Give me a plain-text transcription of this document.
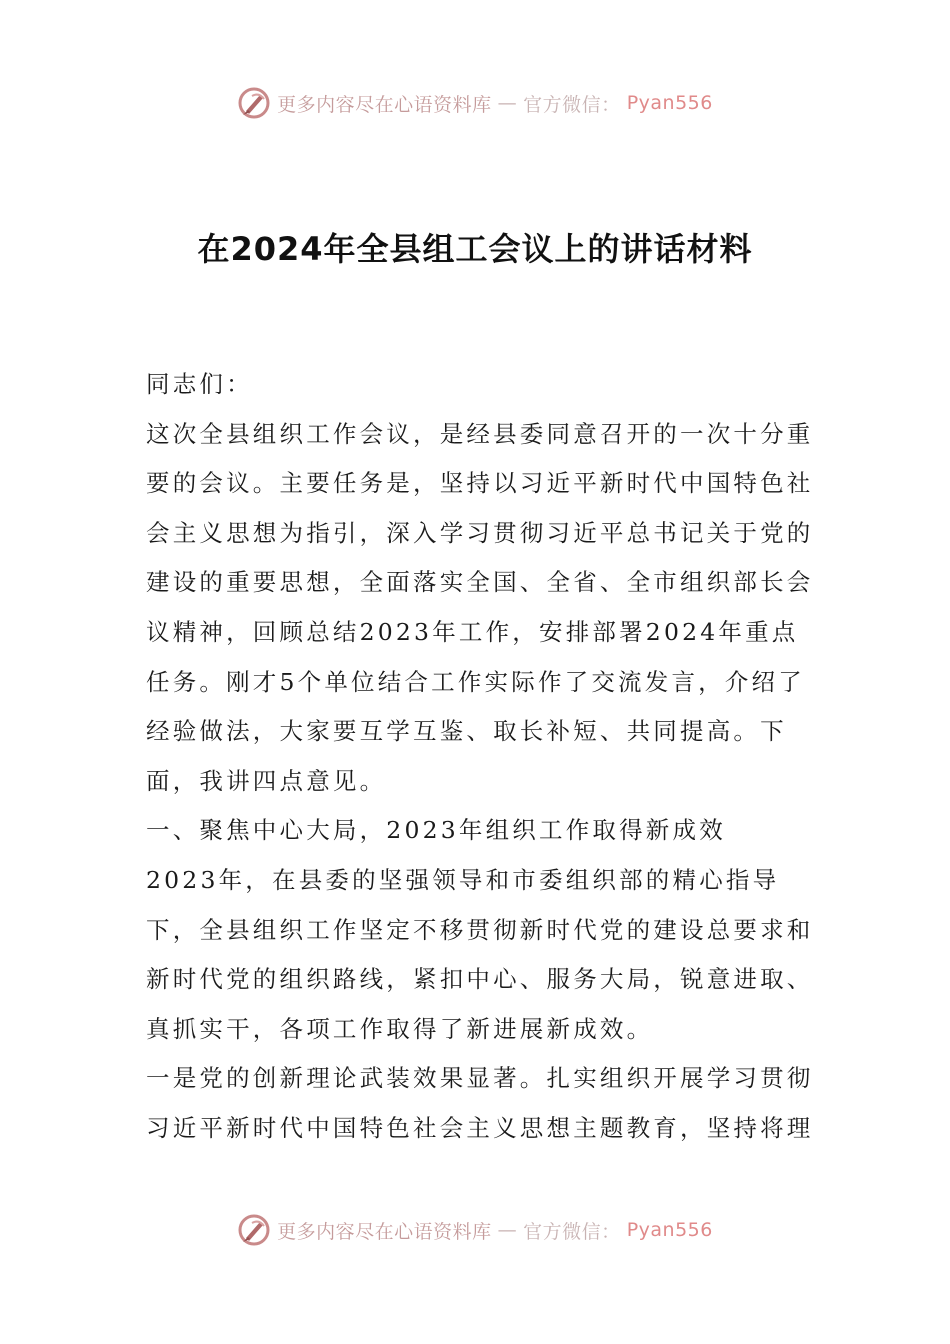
更多内容尽在心语资料库 — 官方微信： Pyan556
在2024年全县组工会议上的讲话材料

同志们：

这次全县组织工作会议，是经县委同意召开的一次十分重要的会议。主要任务是，坚持以习近平新时代中国特色社会主义思想为指引，深入学习贯彻习近平总书记关于党的建设的重要思想，全面落实全国、全省、全市组织部长会议精神，回顾总结2023年工作，安排部署2024年重点任务。刚才5个单位结合工作实际作了交流发言，介绍了经验做法，大家要互学互鉴、取长补短、共同提高。下面，我讲四点意见。

一、聚焦中心大局，2023年组织工作取得新成效

2023年，在县委的坚强领导和市委组织部的精心指导下，全县组织工作坚定不移贯彻新时代党的建设总要求和新时代党的组织路线，紧扣中心、服务大局，锐意进取、真抓实干，各项工作取得了新进展新成效。

一是党的创新理论武装效果显著。扎实组织开展学习贯彻习近平新时代中国特色社会主义思想主题教育，坚持将理

更多内容尽在心语资料库 — 官方微信： Pyan556
